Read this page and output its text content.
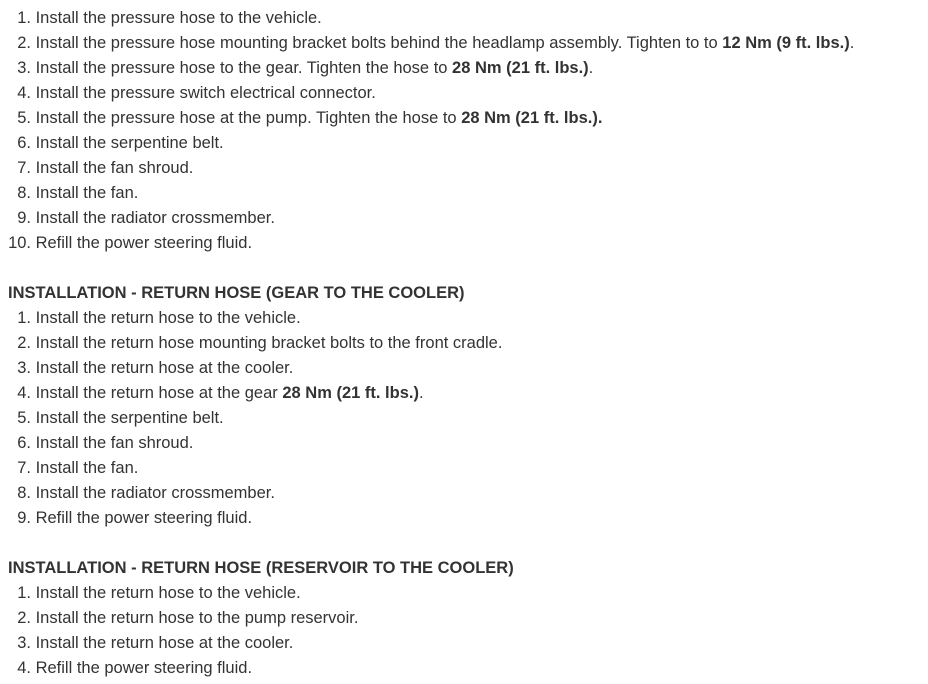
1. Install the pressure hose to the vehicle.
2. Install the pressure hose mounting bracket bolts behind the headlamp assembly. Tighten to to 12 Nm (9 ft. lbs.).
3. Install the pressure hose to the gear. Tighten the hose to 28 Nm (21 ft. lbs.).
4. Install the pressure switch electrical connector.
5. Install the pressure hose at the pump. Tighten the hose to 28 Nm (21 ft. lbs.).
6. Install the serpentine belt.
7. Install the fan shroud.
8. Install the fan.
9. Install the radiator crossmember.
10. Refill the power steering fluid.
INSTALLATION - RETURN HOSE (GEAR TO THE COOLER)
1. Install the return hose to the vehicle.
2. Install the return hose mounting bracket bolts to the front cradle.
3. Install the return hose at the cooler.
4. Install the return hose at the gear 28 Nm (21 ft. lbs.).
5. Install the serpentine belt.
6. Install the fan shroud.
7. Install the fan.
8. Install the radiator crossmember.
9. Refill the power steering fluid.
INSTALLATION - RETURN HOSE (RESERVOIR TO THE COOLER)
1. Install the return hose to the vehicle.
2. Install the return hose to the pump reservoir.
3. Install the return hose at the cooler.
4. Refill the power steering fluid.
